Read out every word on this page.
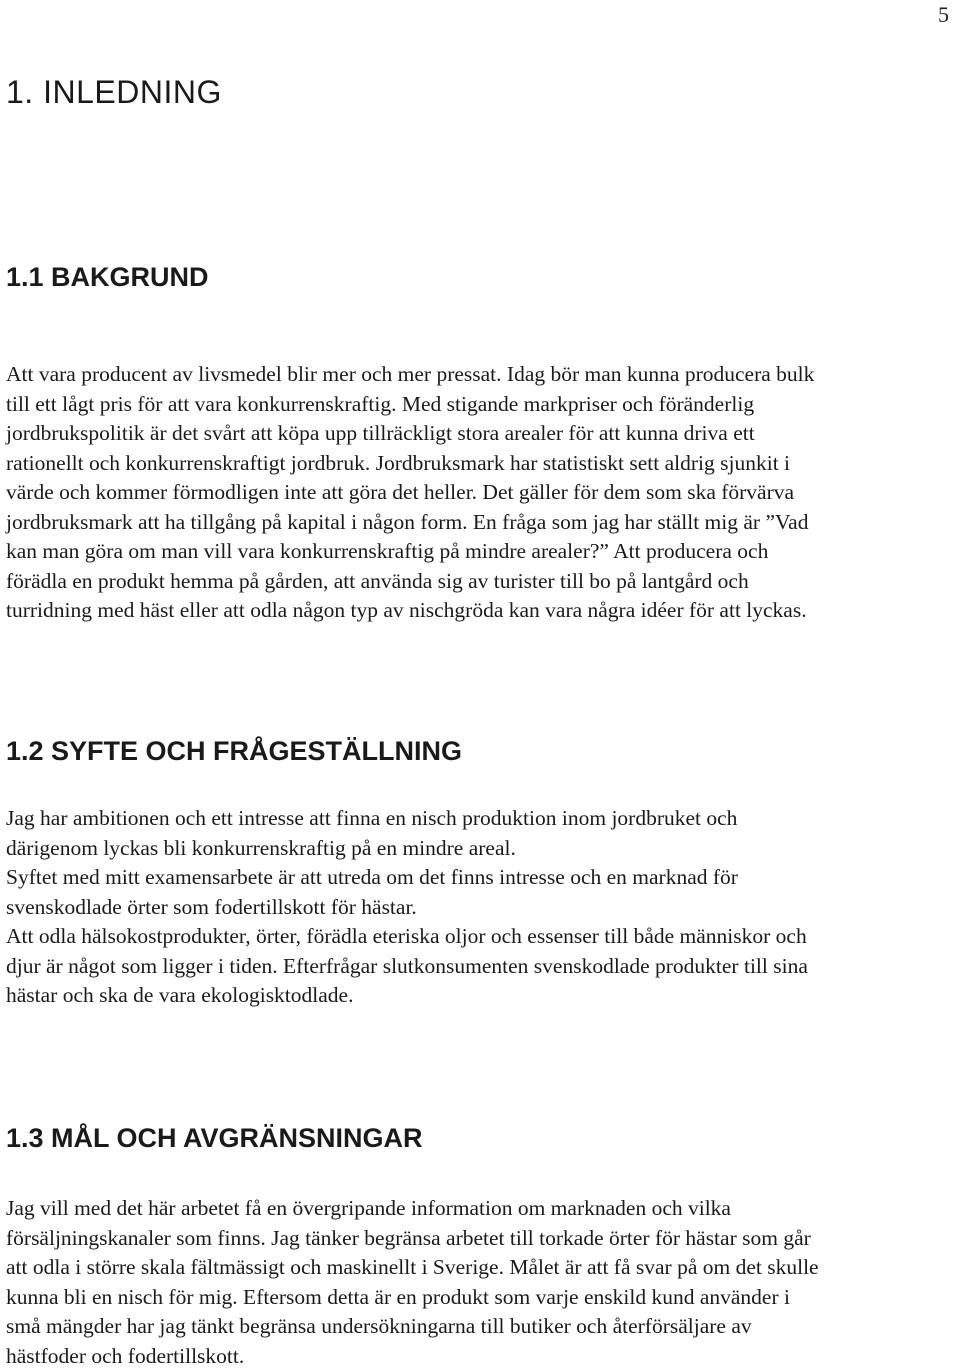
5
1. INLEDNING
1.1 BAKGRUND
Att vara producent av livsmedel blir mer och mer pressat. Idag bör man kunna producera bulk
till ett lågt pris för att vara konkurrenskraftig. Med stigande markpriser och föränderlig
jordbrukspolitik är det svårt att köpa upp tillräckligt stora arealer för att kunna driva ett
rationellt och konkurrenskraftigt jordbruk. Jordbruksmark har statistiskt sett aldrig sjunkit i
värde och kommer förmodligen inte att göra det heller. Det gäller för dem som ska förvärva
jordbruksmark att ha tillgång på kapital i någon form. En fråga som jag har ställt mig är ”Vad
kan man göra om man vill vara konkurrenskraftig på mindre arealer?” Att producera och
förädla en produkt hemma på gården, att använda sig av turister till bo på lantgård och
turridning med häst eller att odla någon typ av nischgröda kan vara några idéer för att lyckas.
1.2 SYFTE OCH FRÅGESTÄLLNING
Jag har ambitionen och ett intresse att finna en nisch produktion inom jordbruket och
därigenom lyckas bli konkurrenskraftig på en mindre areal.
Syftet med mitt examensarbete är att utreda om det finns intresse och en marknad för
svenskodlade örter som fodertillskott för hästar.
Att odla hälsokostprodukter, örter, förädla eteriska oljor och essenser till både människor och
djur är något som ligger i tiden. Efterfrågar slutkonsumenten svenskodlade produkter till sina
hästar och ska de vara ekologisktodlade.
1.3 MÅL OCH AVGRÄNSNINGAR
Jag vill med det här arbetet få en övergripande information om marknaden och vilka
försäljningskanaler som finns. Jag tänker begränsa arbetet till torkade örter för hästar som går
att odla i större skala fältmässigt och maskinellt i Sverige. Målet är att få svar på om det skulle
kunna bli en nisch för mig. Eftersom detta är en produkt som varje enskild kund använder i
små mängder har jag tänkt begränsa undersökningarna till butiker och återförsäljare av
hästfoder och fodertillskott.
